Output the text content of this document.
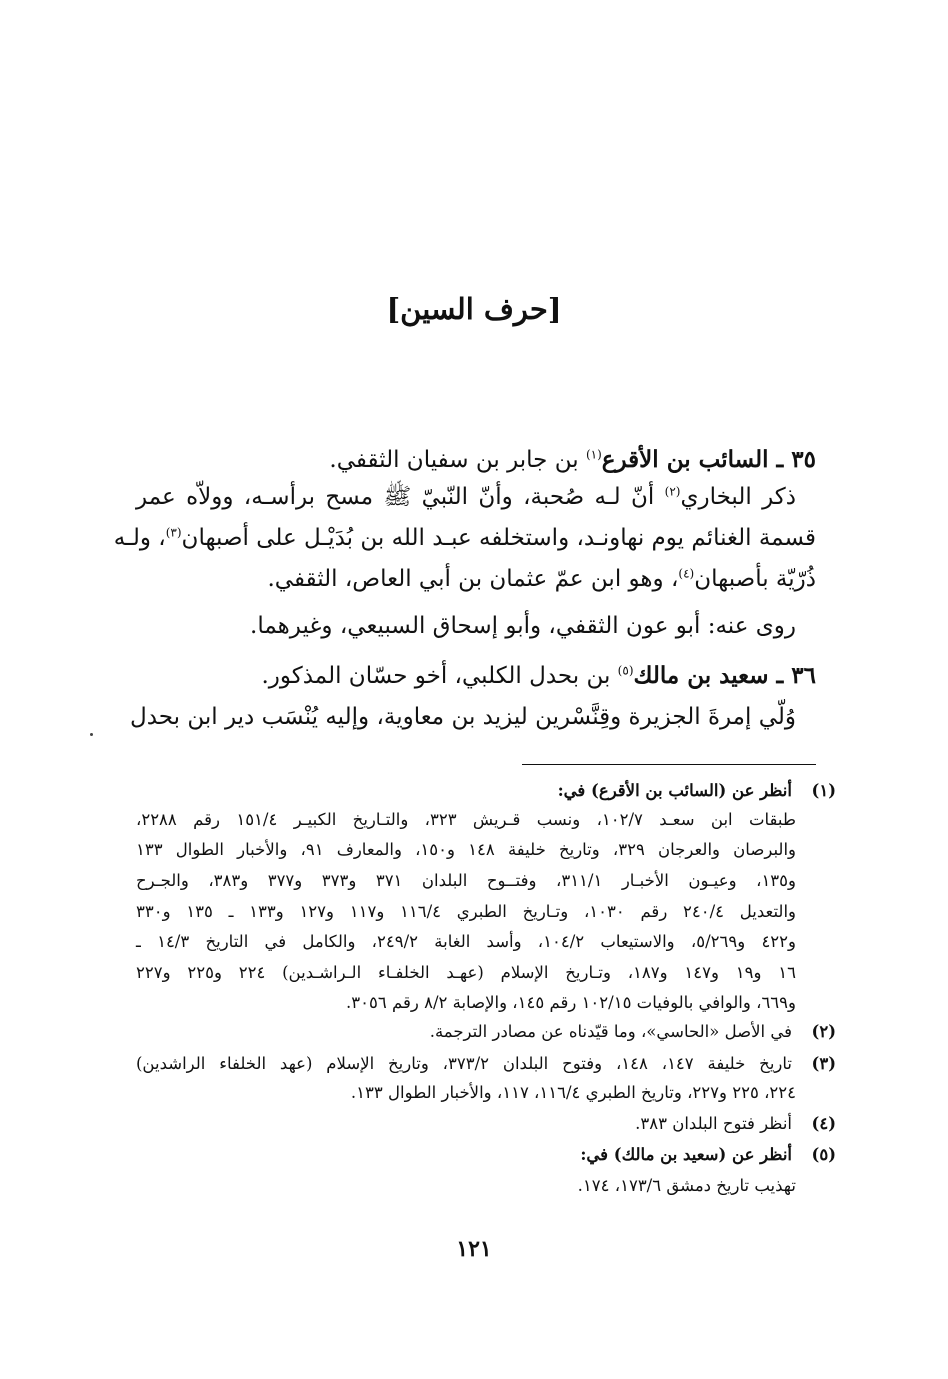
[حرف السين]
٣٥ ـ السائب بن الأقرع$^{(١)}$ بن جابر بن سفيان الثقفي.
ذكر البخاري$^{(٢)}$ أنّ لـه صُحبة، وأنّ النّبيّ ﷺ مسح برأسـه، وولاّه عمر
قسمة الغنائم يوم نهاونـد، واستخلفه عبـد الله بن بُدَيْـل على أصبهان$^{(٣)}$، ولـه
ذُرّيّة بأصبهان$^{(٤)}$، وهو ابن عمّ عثمان بن أبي العاص، الثقفي.
روى عنه: أبو عون الثقفي، وأبو إسحاق السبيعي، وغيرهما.
٣٦ ـ سعيد بن مالك$^{(٥)}$ بن بحدل الكلبي، أخو حسّان المذكور.
وُلّي إمرةَ الجزيرة وقِنَّسْرين ليزيد بن معاوية، وإليه يُنْسَب دير ابن بحدل
(١)أنظر عن (السائب بن الأقرع) في:
طبقات ابن سعـد ١٠٢/٧، ونسب قـريش ٣٢٣، والتـاريخ الكبيـر ١٥١/٤ رقم ٢٢٨٨،
والبرصان والعرجان ٣٢٩، وتاريخ خليفة ١٤٨ و١٥٠، والمعارف ٩١، والأخبار الطوال ١٣٣
و١٣٥، وعيـون الأخبـار ٣١١/١، وفتــوح البلدان ٣٧١ و٣٧٣ و٣٧٧ و٣٨٣، والجـرح
والتعديل ٢٤٠/٤ رقم ١٠٣٠، وتـاريخ الطبري ١١٦/٤ و١١٧ و١٢٧ و١٣٣ ـ ١٣٥ و٣٣٠
و٤٢٢ و٥/٢٦٩، والاستيعاب ١٠٤/٢، وأسد الغابة ٢٤٩/٢، والكامل في التاريخ ١٤/٣ ـ
١٦ و١٩ و١٤٧ و١٨٧، وتـاريخ الإسلام (عهـد الخلفـاء الـراشـدين) ٢٢٤ و٢٢٥ و٢٢٧
و٦٦٩، والوافي بالوفيات ١٠٢/١٥ رقم ١٤٥، والإصابة ٨/٢ رقم ٣٠٥٦.
(٢)في الأصل «الحاسي»، وما قيّدناه عن مصادر الترجمة.
(٣)تاريخ خليفة ١٤٧، ١٤٨، وفتوح البلدان ٣٧٣/٢، وتاريخ الإسلام (عهد الخلفاء الراشدين)
٢٢٤، ٢٢٥ و٢٢٧، وتاريخ الطبري ١١٦/٤، ١١٧، والأخبار الطوال ١٣٣.
(٤)أنظر فتوح البلدان ٣٨٣.
(٥)أنظر عن (سعيد بن مالك) في:
تهذيب تاريخ دمشق ١٧٣/٦، ١٧٤.
١٢١
